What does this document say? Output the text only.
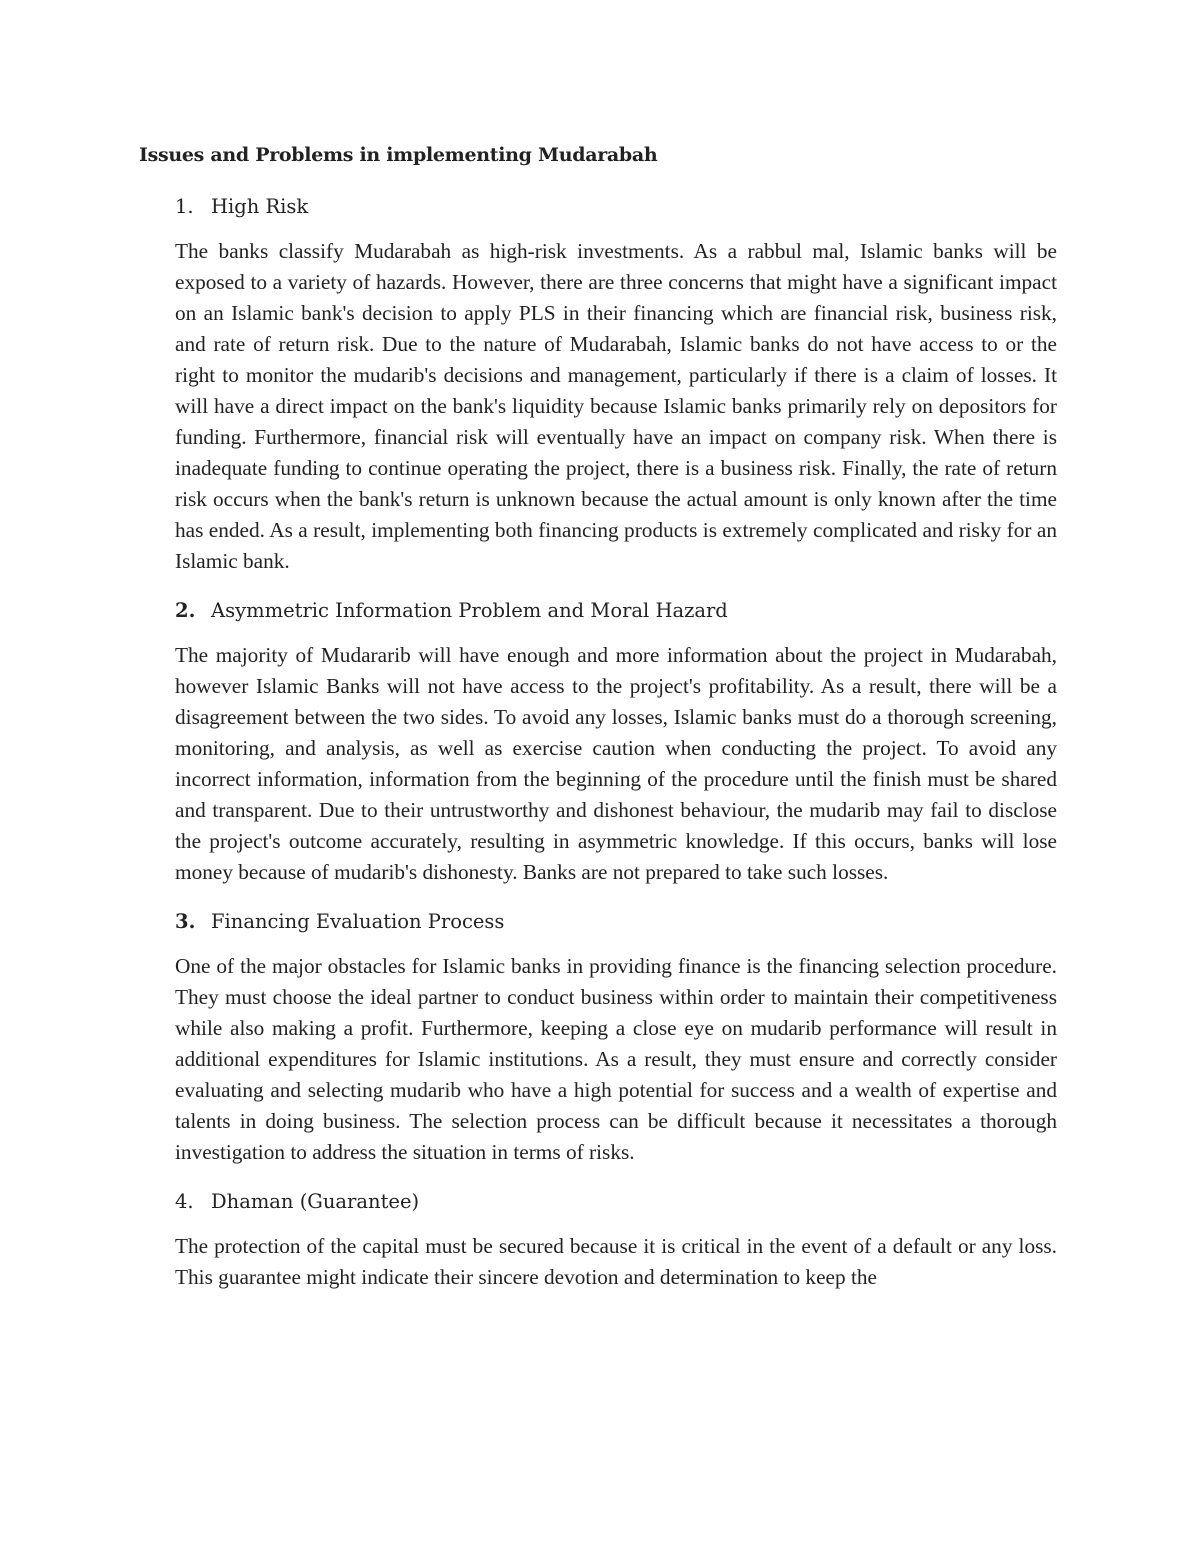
Issues and Problems in implementing Mudarabah
1. High Risk

The banks classify Mudarabah as high-risk investments. As a rabbul mal, Islamic banks will be exposed to a variety of hazards. However, there are three concerns that might have a significant impact on an Islamic bank's decision to apply PLS in their financing which are financial risk, business risk, and rate of return risk. Due to the nature of Mudarabah, Islamic banks do not have access to or the right to monitor the mudarib's decisions and management, particularly if there is a claim of losses. It will have a direct impact on the bank's liquidity because Islamic banks primarily rely on depositors for funding. Furthermore, financial risk will eventually have an impact on company risk. When there is inadequate funding to continue operating the project, there is a business risk. Finally, the rate of return risk occurs when the bank's return is unknown because the actual amount is only known after the time has ended. As a result, implementing both financing products is extremely complicated and risky for an Islamic bank.

2. Asymmetric Information Problem and Moral Hazard

The majority of Mudararib will have enough and more information about the project in Mudarabah, however Islamic Banks will not have access to the project's profitability. As a result, there will be a disagreement between the two sides. To avoid any losses, Islamic banks must do a thorough screening, monitoring, and analysis, as well as exercise caution when conducting the project. To avoid any incorrect information, information from the beginning of the procedure until the finish must be shared and transparent. Due to their untrustworthy and dishonest behaviour, the mudarib may fail to disclose the project's outcome accurately, resulting in asymmetric knowledge. If this occurs, banks will lose money because of mudarib's dishonesty. Banks are not prepared to take such losses.

3. Financing Evaluation Process

One of the major obstacles for Islamic banks in providing finance is the financing selection procedure. They must choose the ideal partner to conduct business within order to maintain their competitiveness while also making a profit. Furthermore, keeping a close eye on mudarib performance will result in additional expenditures for Islamic institutions. As a result, they must ensure and correctly consider evaluating and selecting mudarib who have a high potential for success and a wealth of expertise and talents in doing business. The selection process can be difficult because it necessitates a thorough investigation to address the situation in terms of risks.

4. Dhaman (Guarantee)

The protection of the capital must be secured because it is critical in the event of a default or any loss. This guarantee might indicate their sincere devotion and determination to keep the
